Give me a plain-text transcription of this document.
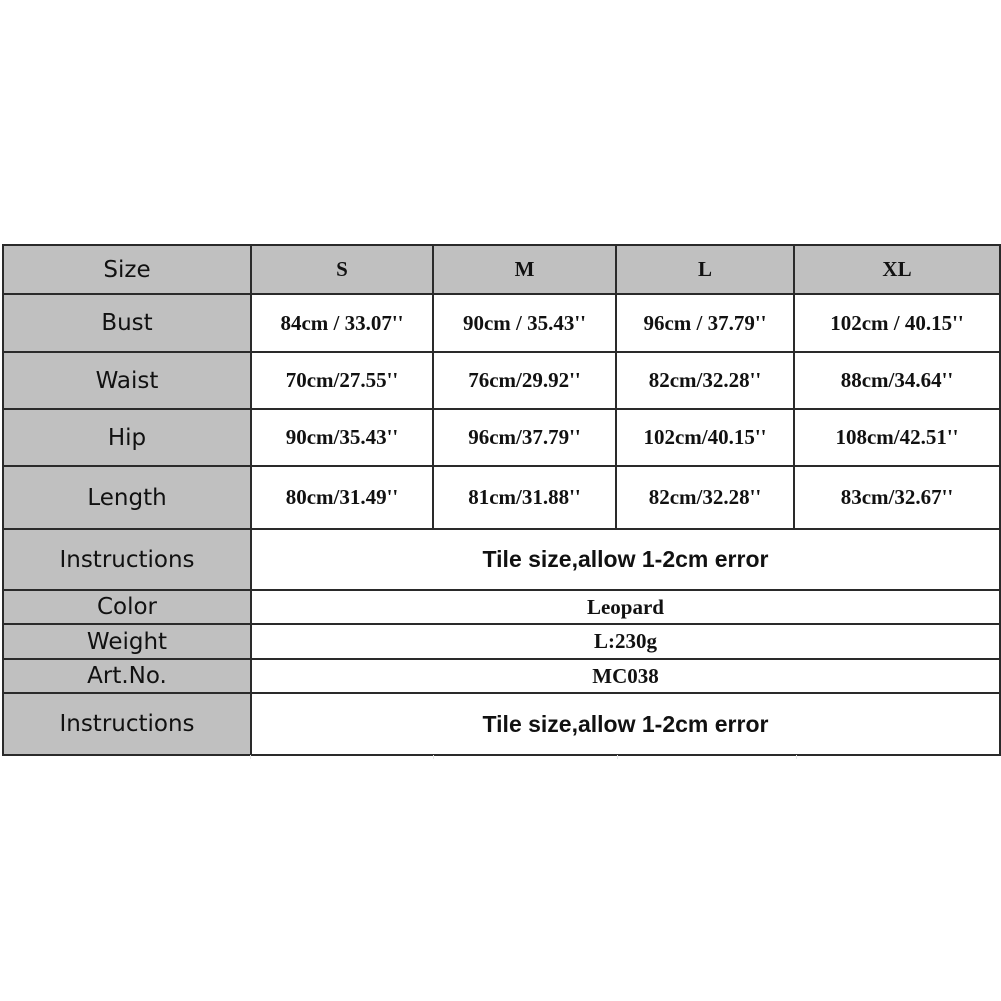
Size	S	M	L	XL
Bust	84cm / 33.07''	90cm / 35.43''	96cm / 37.79''	102cm / 40.15''
Waist	70cm/27.55''	76cm/29.92''	82cm/32.28''	88cm/34.64''
Hip	90cm/35.43''	96cm/37.79''	102cm/40.15''	108cm/42.51''
Length	80cm/31.49''	81cm/31.88''	82cm/32.28''	83cm/32.67''
Instructions	Tile size,allow 1-2cm error			
Color	Leopard			
Weight	L:230g			
Art.No.	MC038			
Instructions	Tile size,allow 1-2cm error			
